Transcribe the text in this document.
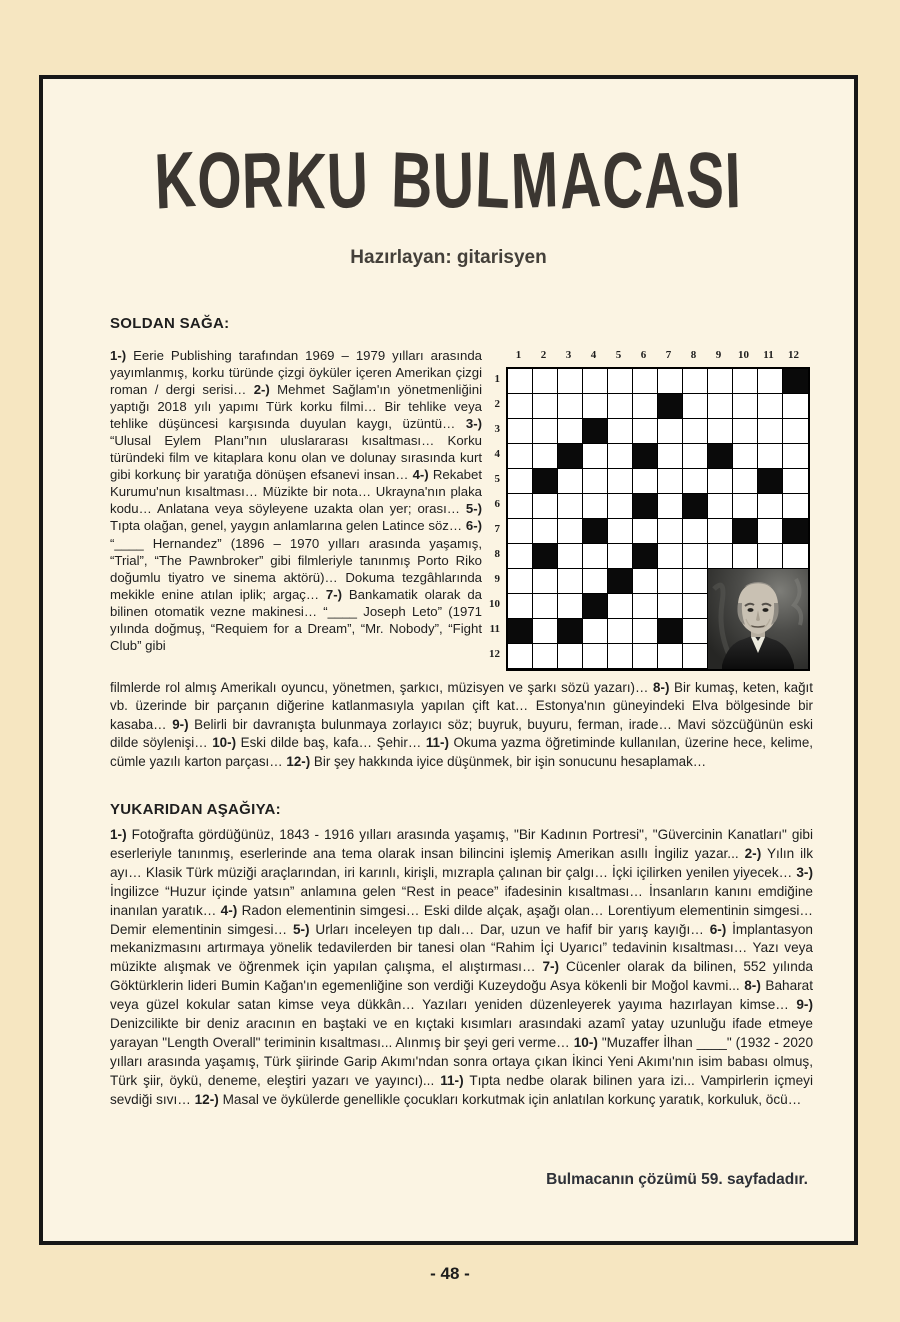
K
O
R
K
U B
U
L
M
A
C
A
S
I
Hazırlayan: gitarisyen
SOLDAN SAĞA:
1-) Eerie Publishing tarafından 1969 – 1979 yılları arasında yayımlanmış, korku türünde çizgi öyküler içeren Amerikan çizgi roman / dergi serisi… 2-) Mehmet Sağlam'ın yönetmenliğini yaptığı 2018 yılı yapımı Türk korku filmi… Bir tehlike veya tehlike düşüncesi karşısında duyulan kaygı, üzüntü… 3-) “Ulusal Eylem Planı”nın uluslararası kısaltması… Korku türündeki film ve kitaplara konu olan ve dolunay sırasında kurt gibi korkunç bir yaratığa dönüşen efsanevi insan… 4-) Rekabet Kurumu'nun kısaltması… Müzikte bir nota… Ukrayna'nın plaka kodu… Anlatana veya söyleyene uzakta olan yer; orası… 5-) Tıpta olağan, genel, yaygın anlamlarına gelen Latince söz… 6-) “____ Hernandez” (1896 – 1970 yılları arasında yaşamış, “Trial”, “The Pawnbroker” gibi filmleriyle tanınmış Porto Riko doğumlu tiyatro ve sinema aktörü)… Dokuma tezgâhlarında mekikle enine atılan iplik; argaç… 7-) Bankamatik olarak da bilinen otomatik vezne makinesi… “____ Joseph Leto” (1971 yılında doğmuş, “Requiem for a Dream”, “Mr. Nobody”, “Fight Club” gibi
1	2	3	4	5	6	7	8	9	10	11	12
1
2
3
4
5
6
7
8
9
10
11
12
filmlerde rol almış Amerikalı oyuncu, yönetmen, şarkıcı, müzisyen ve şarkı sözü yazarı)… 8-) Bir kumaş, keten, kağıt vb. üzerinde bir parçanın diğerine katlanmasıyla yapılan çift kat… Estonya'nın güneyindeki Elva bölgesinde bir kasaba… 9-) Belirli bir davranışta bulunmaya zorlayıcı söz; buyruk, buyuru, ferman, irade… Mavi sözcüğünün eski dilde söylenişi… 10-) Eski dilde baş, kafa… Şehir… 11-) Okuma yazma öğretiminde kullanılan, üzerine hece, kelime, cümle yazılı karton parçası… 12-) Bir şey hakkında iyice düşünmek, bir işin sonucunu hesaplamak…
YUKARIDAN AŞAĞIYA:
1-) Fotoğrafta gördüğünüz, 1843 - 1916 yılları arasında yaşamış, "Bir Kadının Portresi", "Güvercinin Kanatları" gibi eserleriyle tanınmış, eserlerinde ana tema olarak insan bilincini işlemiş Amerikan asıllı İngiliz yazar... 2-) Yılın ilk ayı… Klasik Türk müziği araçlarından, iri karınlı, kirişli, mızrapla çalınan bir çalgı… İçki içilirken yenilen yiyecek… 3-) İngilizce “Huzur içinde yatsın” anlamına gelen “Rest in peace” ifadesinin kısaltması… İnsanların kanını emdiğine inanılan yaratık… 4-) Radon elementinin simgesi… Eski dilde alçak, aşağı olan… Lorentiyum elementinin simgesi… Demir elementinin simgesi… 5-) Urları inceleyen tıp dalı… Dar, uzun ve hafif bir yarış kayığı… 6-) İmplantasyon mekanizmasını artırmaya yönelik tedavilerden bir tanesi olan “Rahim İçi Uyarıcı” tedavinin kısaltması… Yazı veya müzikte alışmak ve öğrenmek için yapılan çalışma, el alıştırması… 7-) Cücenler olarak da bilinen, 552 yılında Göktürklerin lideri Bumin Kağan'ın egemenliğine son verdiği Kuzeydoğu Asya kökenli bir Moğol kavmi... 8-) Baharat veya güzel kokular satan kimse veya dükkân… Yazıları yeniden düzenleyerek yayıma hazırlayan kimse… 9-) Denizcilikte bir deniz aracının en baştaki ve en kıçtaki kısımları arasındaki azamî yatay uzunluğu ifade etmeye yarayan "Length Overall" teriminin kısaltması... Alınmış bir şeyi geri verme… 10-) "Muzaffer İlhan ____" (1932 - 2020 yılları arasında yaşamış, Türk şiirinde Garip Akımı'ndan sonra ortaya çıkan İkinci Yeni Akımı'nın isim babası olmuş, Türk şiir, öykü, deneme, eleştiri yazarı ve yayıncı)... 11-) Tıpta nedbe olarak bilinen yara izi... Vampirlerin içmeyi sevdiği sıvı… 12-) Masal ve öykülerde genellikle çocukları korkutmak için anlatılan korkunç yaratık, korkuluk, öcü…
Bulmacanın çözümü 59. sayfadadır.
- 48 -
